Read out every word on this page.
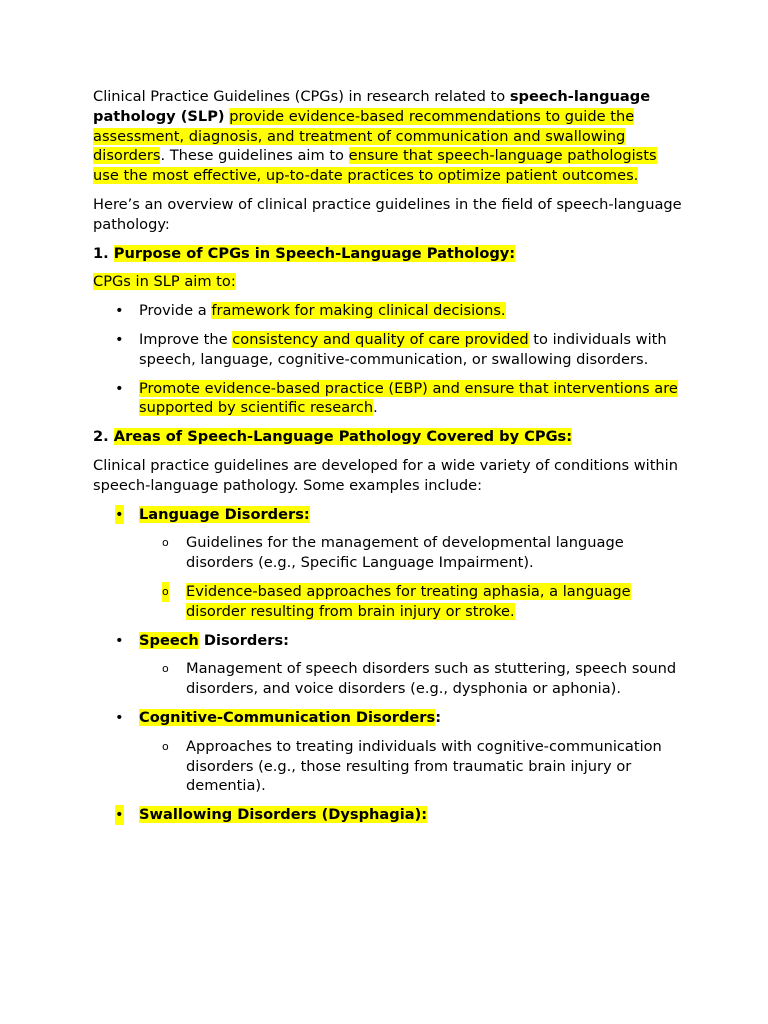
Clinical Practice Guidelines (CPGs) in research related to speech-language pathology (SLP) provide evidence-based recommendations to guide the assessment, diagnosis, and treatment of communication and swallowing disorders. These guidelines aim to ensure that speech-language pathologists use the most effective, up-to-date practices to optimize patient outcomes.

Here’s an overview of clinical practice guidelines in the field of speech-language pathology:

1. Purpose of CPGs in Speech-Language Pathology:

CPGs in SLP aim to:

• Provide a framework for making clinical decisions.
• Improve the consistency and quality of care provided to individuals with speech, language, cognitive-communication, or swallowing disorders.
• Promote evidence-based practice (EBP) and ensure that interventions are supported by scientific research.

2. Areas of Speech-Language Pathology Covered by CPGs:

Clinical practice guidelines are developed for a wide variety of conditions within speech-language pathology. Some examples include:

• Language Disorders:
o Guidelines for the management of developmental language disorders (e.g., Specific Language Impairment).
o Evidence-based approaches for treating aphasia, a language disorder resulting from brain injury or stroke.
• Speech Disorders:
o Management of speech disorders such as stuttering, speech sound disorders, and voice disorders (e.g., dysphonia or aphonia).
• Cognitive-Communication Disorders:
o Approaches to treating individuals with cognitive-communication disorders (e.g., those resulting from traumatic brain injury or dementia).
• Swallowing Disorders (Dysphagia):
